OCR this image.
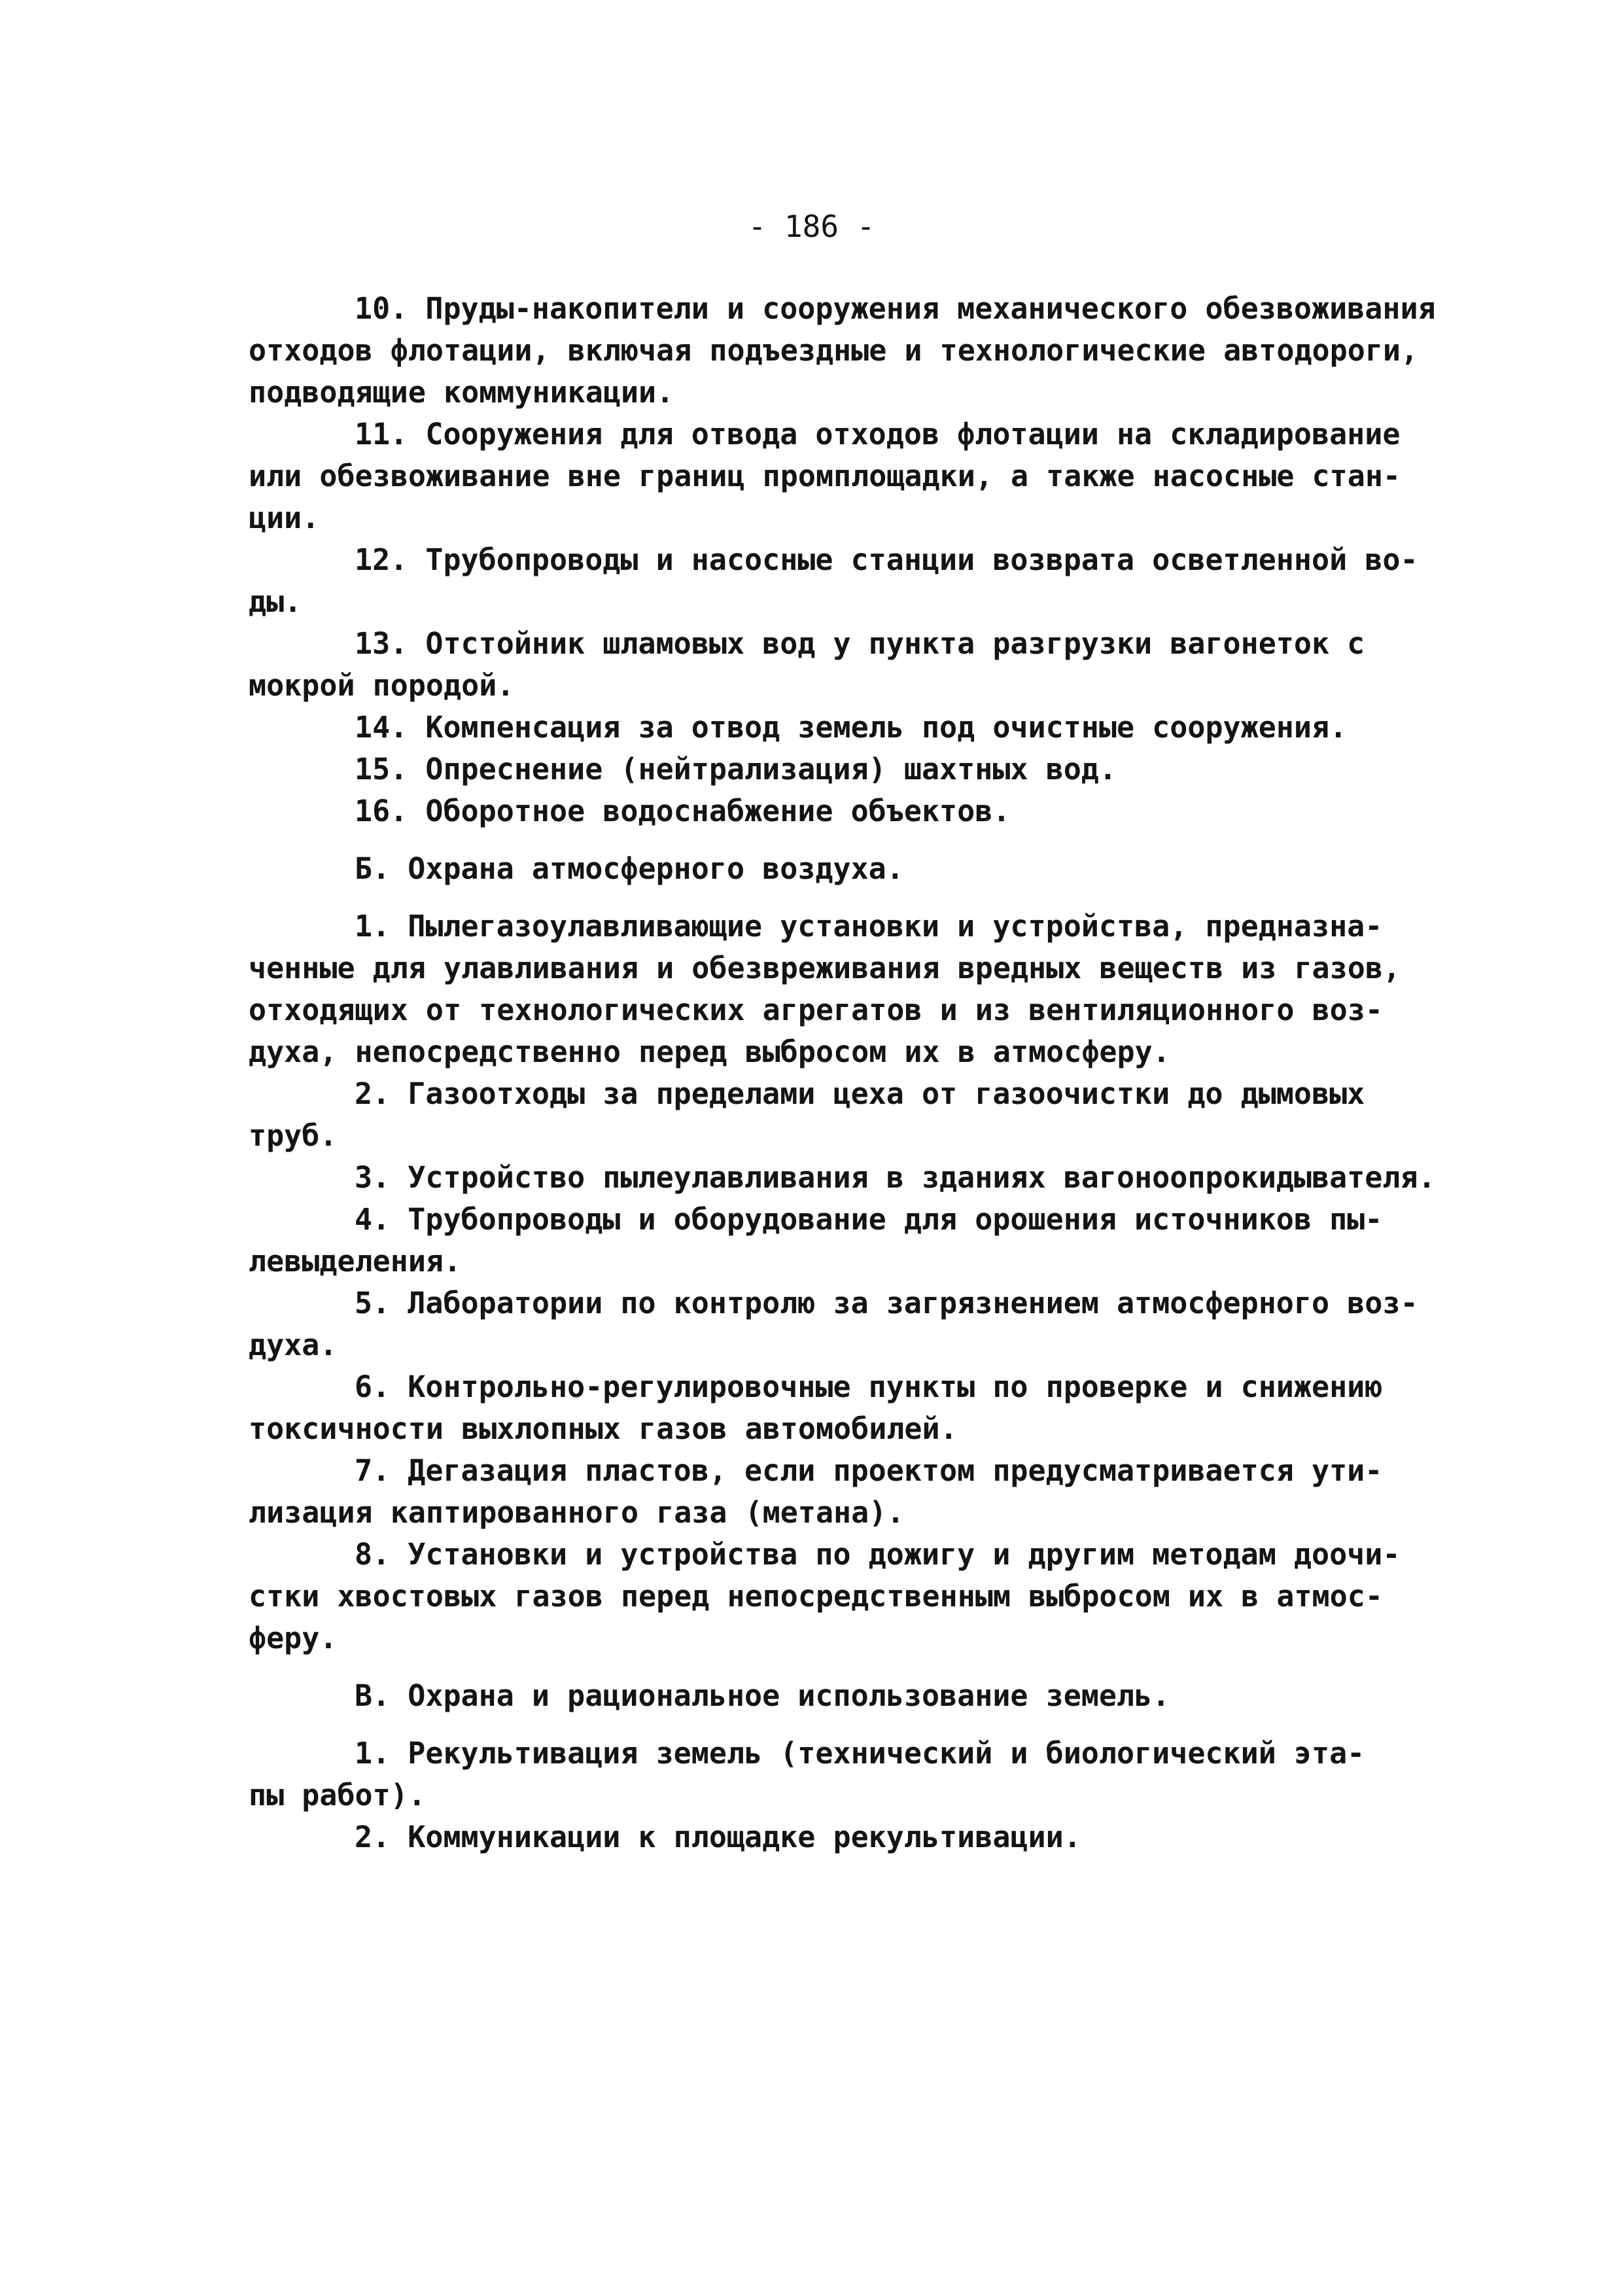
- 186 -
10. Пруды-накопители и сооружения механического обезвоживания
отходов флотации, включая подъездные и технологические автодороги,
подводящие коммуникации.
11. Сооружения для отвода отходов флотации на складирование
или обезвоживание вне границ промплощадки, а также насосные стан-
ции.
12. Трубопроводы и насосные станции возврата осветленной во-
ды.
13. Отстойник шламовых вод у пункта разгрузки вагонеток с
мокрой породой.
14. Компенсация за отвод земель под очистные сооружения.
15. Опреснение (нейтрализация) шахтных вод.
16. Оборотное водоснабжение объектов.
Б. Охрана атмосферного воздуха.
1. Пылегазоулавливающие установки и устройства, предназна-
ченные для улавливания и обезвреживания вредных веществ из газов,
отходящих от технологических агрегатов и из вентиляционного воз-
духа, непосредственно перед выбросом их в атмосферу.
2. Газоотходы за пределами цеха от газоочистки до дымовых
труб.
3. Устройство пылеулавливания в зданиях вагоноопрокидывателя.
4. Трубопроводы и оборудование для орошения источников пы-
левыделения.
5. Лаборатории по контролю за загрязнением атмосферного воз-
духа.
6. Контрольно-регулировочные пункты по проверке и снижению
токсичности выхлопных газов автомобилей.
7. Дегазация пластов, если проектом предусматривается ути-
лизация каптированного газа (метана).
8. Установки и устройства по дожигу и другим методам доочи-
стки хвостовых газов перед непосредственным выбросом их в атмос-
феру.
В. Охрана и рациональное использование земель.
1. Рекультивация земель (технический и биологический эта-
пы работ).
2. Коммуникации к площадке рекультивации.
